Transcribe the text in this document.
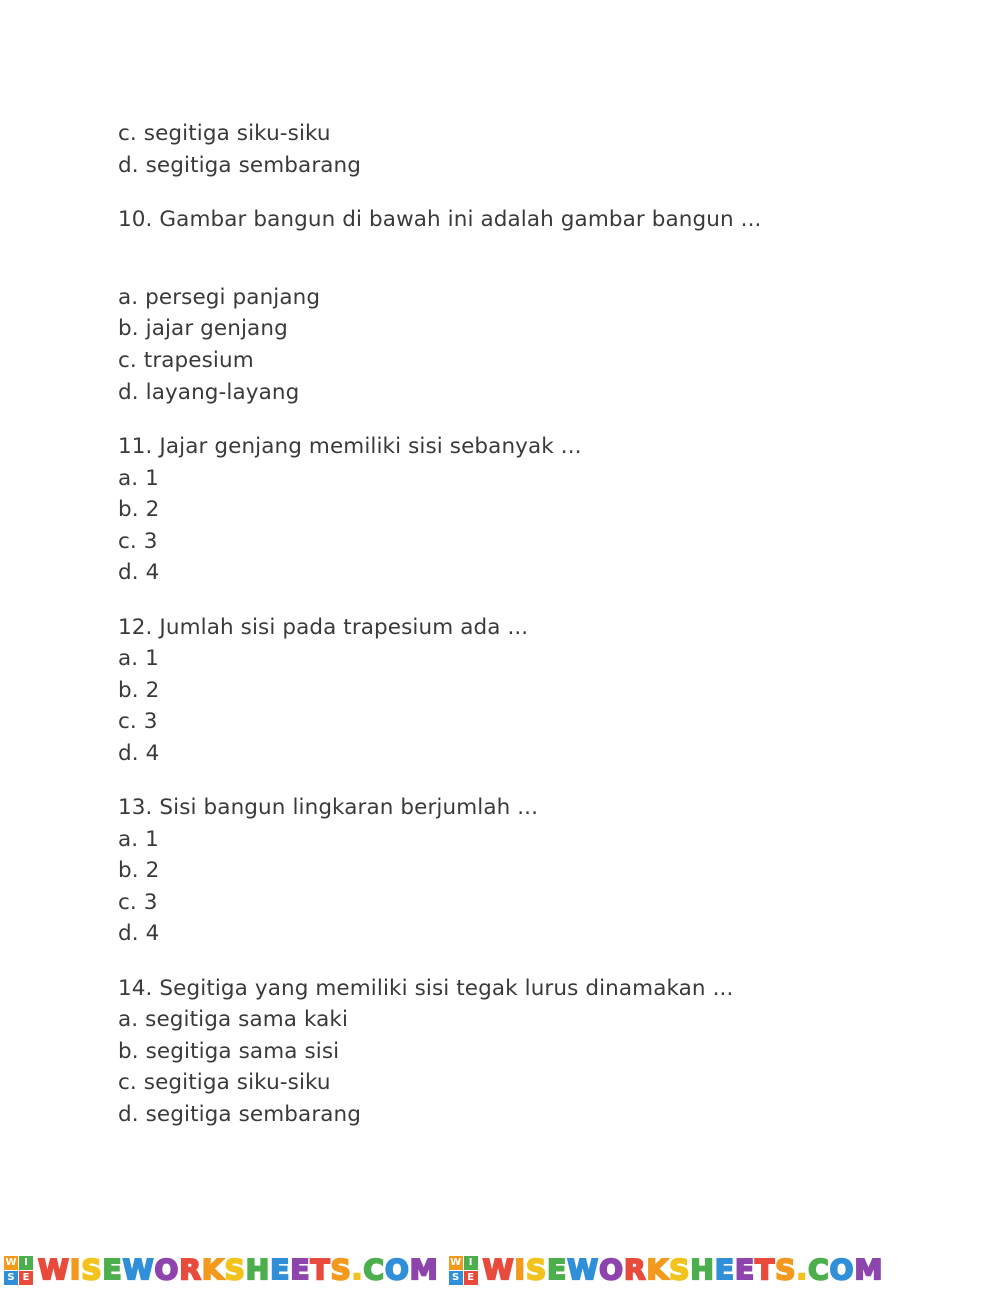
c. segitiga siku-siku
d. segitiga sembarang
10. Gambar bangun di bawah ini adalah gambar bangun ...
a. persegi panjang
b. jajar genjang
c. trapesium
d. layang-layang
11. Jajar genjang memiliki sisi sebanyak ...
a. 1
b. 2
c. 3
d. 4
12. Jumlah sisi pada trapesium ada ...
a. 1
b. 2
c. 3
d. 4
13. Sisi bangun lingkaran berjumlah ...
a. 1
b. 2
c. 3
d. 4
14. Segitiga yang memiliki sisi tegak lurus dinamakan ...
a. segitiga sama kaki
b. segitiga sama sisi
c. segitiga siku-siku
d. segitiga sembarang
W I
S E W I S E W O R K S H E E T S . C O M W I
S E W I S E W O R K S H E E T S . C O M
